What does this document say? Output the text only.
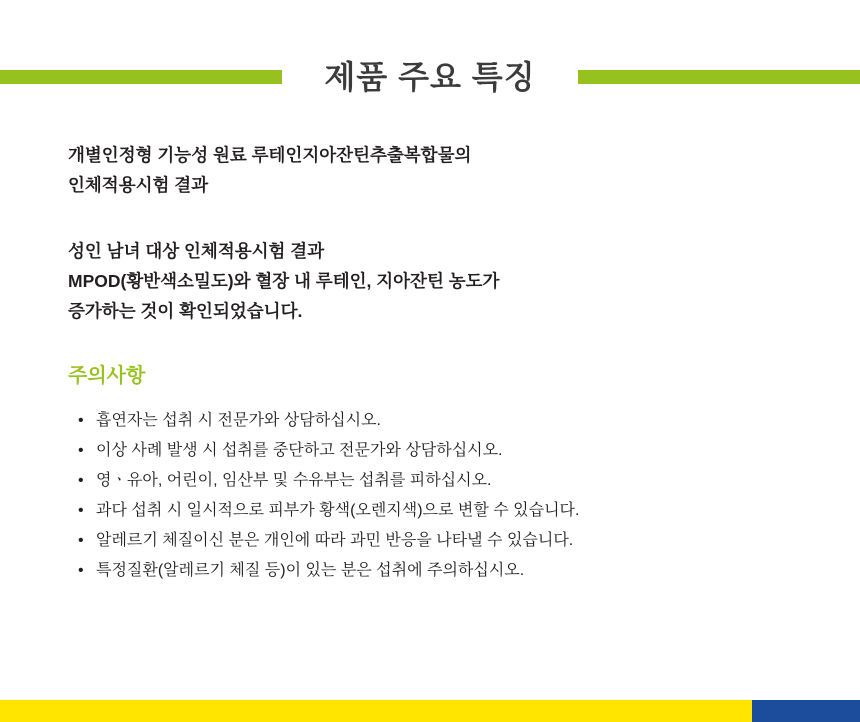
제품 주요 특징

개별인정형 기능성 원료 루테인지아잔틴추출복합물의

인체적용시험 결과

성인 남녀 대상 인체적용시험 결과

MPOD(황반색소밀도)와 혈장 내 루테인, 지아잔틴 농도가

증가하는 것이 확인되었습니다.

주의사항
• 흡연자는 섭취 시 전문가와 상담하십시오.
• 이상 사례 발생 시 섭취를 중단하고 전문가와 상담하십시오.
• 영ㆍ유아, 어린이, 임산부 및 수유부는 섭취를 피하십시오.
• 과다 섭취 시 일시적으로 피부가 황색(오렌지색)으로 변할 수 있습니다.
• 알레르기 체질이신 분은 개인에 따라 과민 반응을 나타낼 수 있습니다.
• 특정질환(알레르기 체질 등)이 있는 분은 섭취에 주의하십시오.
